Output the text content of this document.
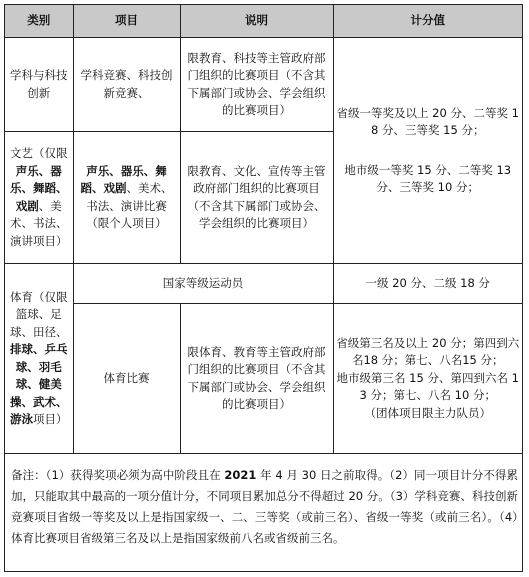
类别	项目	说明	计分值
学科与科技创新	学科竞赛、科技创新竞赛、	限教育、科技等主管政府部门组织的比赛项目（不含其下属部门或协会、学会组织的比赛项目）	省级一等奖及以上 20 分、二等奖 18 分、三等奖 15 分；
地市级一等奖 15 分、二等奖 13 分、三等奖 10 分；

文艺（仅限声乐、器乐、舞蹈、戏剧、美术、书法、演讲项目）	声乐、器乐、舞蹈、戏剧、美术、书法、演讲比赛（限个人项目）	限教育、文化、宣传等主管政府部门组织的比赛项目（不含其下属部门或协会、学会组织的比赛项目）	
体育（仅限篮球、足球、田径、排球、乒乓球、羽毛球、健美操、武术、游泳项目）	国家等级运动员		一级 20 分、二级 18 分
	体育比赛	限体育、教育等主管政府部门组织的比赛项目（不含其下属部门或协会、学会组织的比赛项目）	省级第三名及以上 20 分；第四到六名18 分；第七、八名15 分；
地市级第三名 15 分、第四到六名 13 分；第七、八名 10 分；
（团体项目限主力队员）
备注：（1）获得奖项必须为高中阶段且在 2021 年 4 月 30 日之前取得。（2）同一项目计分不得累加，只能取其中最高的一项分值计分，不同项目累加总分不得超过 20 分。（3）学科竞赛、科技创新竞赛项目省级一等奖及以上是指国家级一、二、三等奖（或前三名）、省级一等奖（或前三名）。（4）体育比赛项目省级第三名及以上是指国家级前八名或省级前三名。
